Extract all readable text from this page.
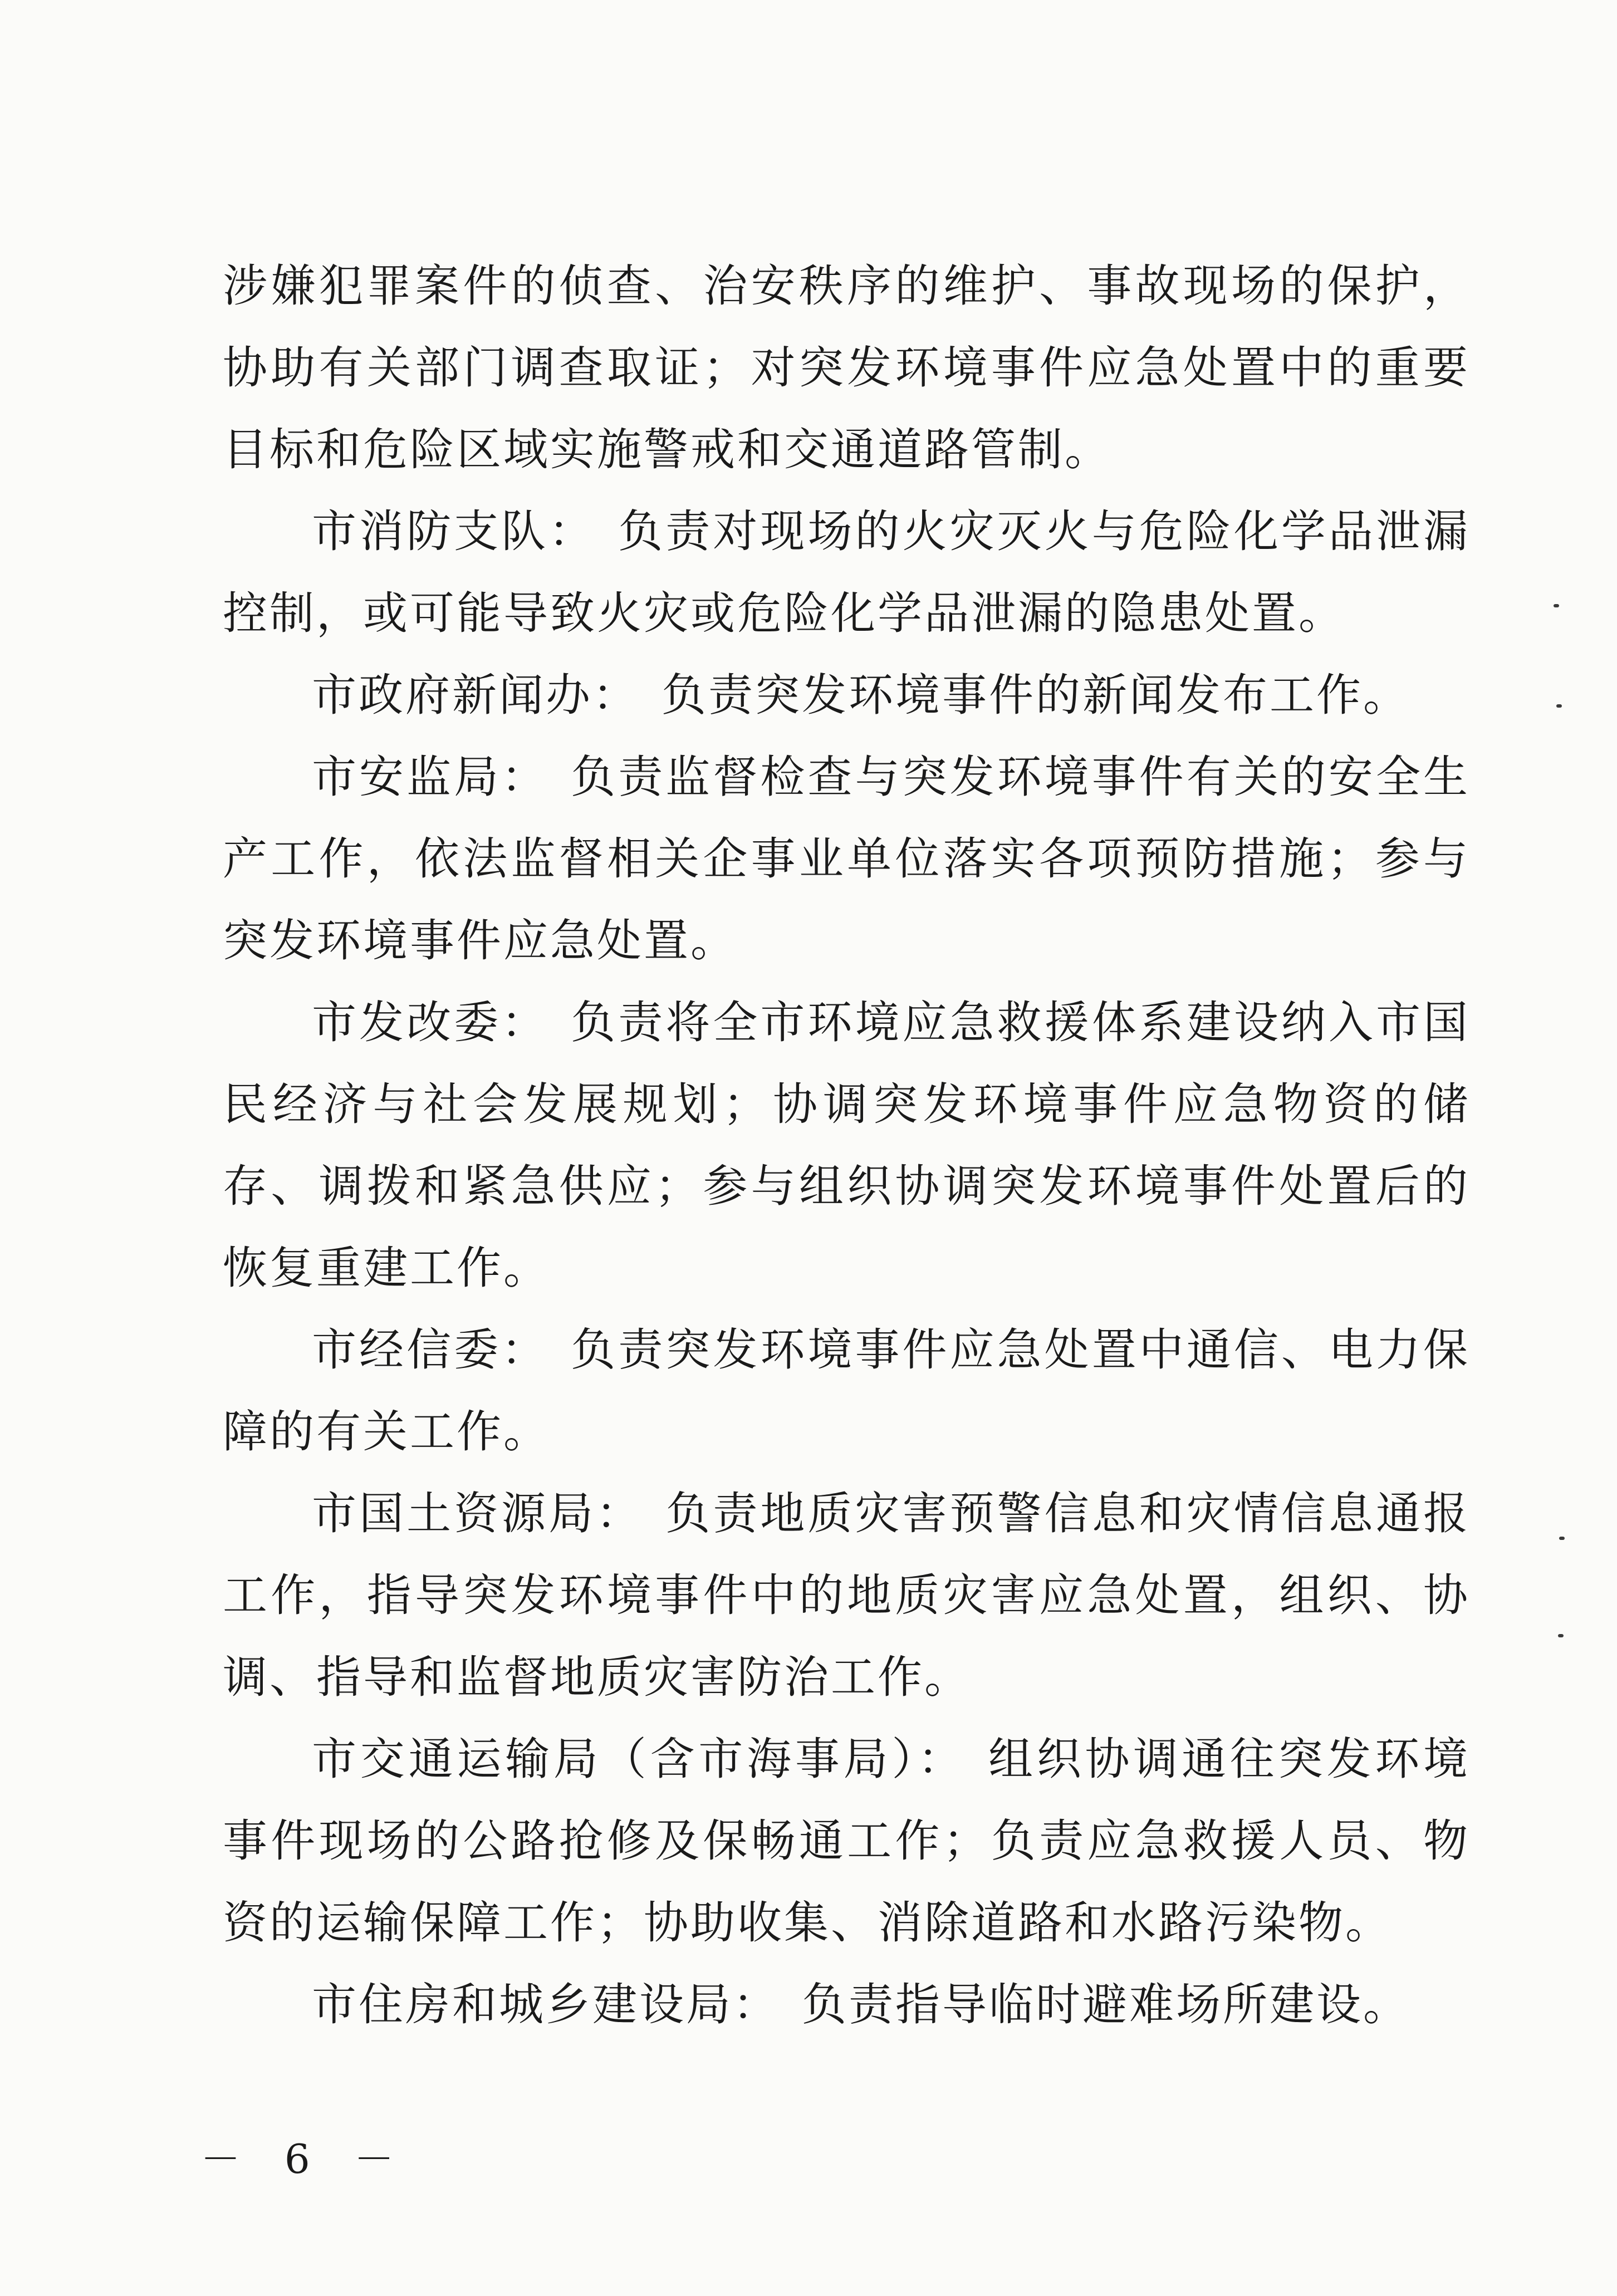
涉嫌犯罪案件的侦查、治安秩序的维护、事故现场的保护，协助有关部门调查取证；对突发环境事件应急处置中的重要目标和危险区域实施警戒和交通道路管制。

市消防支队： 负责对现场的火灾灭火与危险化学品泄漏控制，或可能导致火灾或危险化学品泄漏的隐患处置。

市政府新闻办： 负责突发环境事件的新闻发布工作。

市安监局： 负责监督检查与突发环境事件有关的安全生产工作，依法监督相关企事业单位落实各项预防措施；参与突发环境事件应急处置。

市发改委： 负责将全市环境应急救援体系建设纳入市国民经济与社会发展规划；协调突发环境事件应急物资的储存、调拨和紧急供应；参与组织协调突发环境事件处置后的恢复重建工作。

市经信委： 负责突发环境事件应急处置中通信、电力保障的有关工作。

市国土资源局： 负责地质灾害预警信息和灾情信息通报工作，指导突发环境事件中的地质灾害应急处置，组织、协调、指导和监督地质灾害防治工作。

市交通运输局（含市海事局）： 组织协调通往突发环境事件现场的公路抢修及保畅通工作；负责应急救援人员、物资的运输保障工作；协助收集、消除道路和水路污染物。

市住房和城乡建设局： 负责指导临时避难场所建设。

－ 6 －
